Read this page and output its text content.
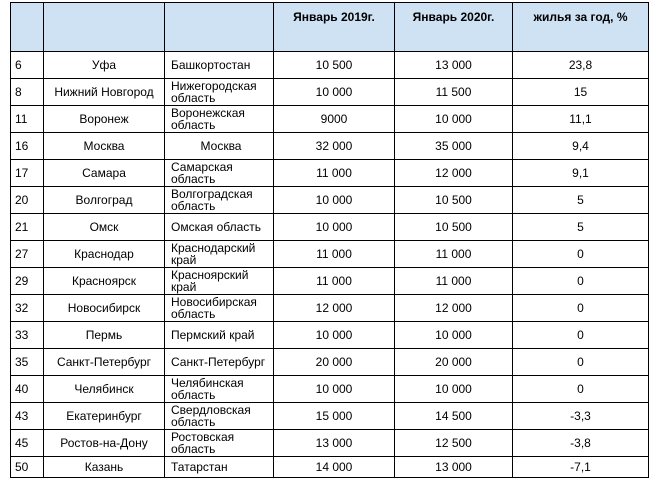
			Январь 2019г.	Январь 2020г.	жилья за год, %
6	Уфа	Башкортостан	10 500	13 000	23,8
8	Нижний Новгород	Нижегородская область	10 000	11 500	15
11	Воронеж	Воронежская область	9000	10 000	11,1
16	Москва	Москва	32 000	35 000	9,4
17	Самара	Самарская область	11 000	12 000	9,1
20	Волгоград	Волгоградская область	10 000	10 500	5
21	Омск	Омская область	10 000	10 500	5
27	Краснодар	Краснодарский край	11 000	11 000	0
29	Красноярск	Красноярский край	11 000	11 000	0
32	Новосибирск	Новосибирская область	12 000	12 000	0
33	Пермь	Пермский край	10 000	10 000	0
35	Санкт-Петербург	Санкт-Петербург	20 000	20 000	0
40	Челябинск	Челябинская область	10 000	10 000	0
43	Екатеринбург	Свердловская область	15 000	14 500	-3,3
45	Ростов-на-Дону	Ростовская область	13 000	12 500	-3,8
50	Казань	Татарстан	14 000	13 000	-7,1
